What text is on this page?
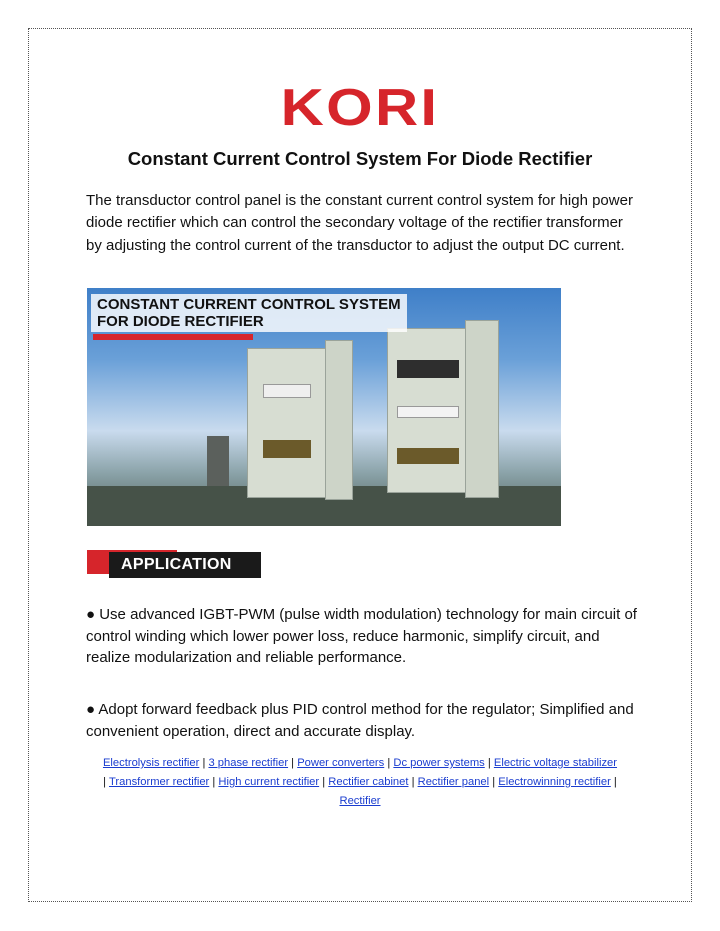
KORI
Constant Current Control System For Diode Rectifier

The transductor control panel is the constant current control system for high power diode rectifier which can control the secondary voltage of the rectifier transformer by adjusting the control current of the transductor to adjust the output DC current.

CONSTANT CURRENT CONTROL SYSTEM
FOR DIODE RECTIFIER
APPLICATION

● Use advanced IGBT-PWM (pulse width modulation) technology for main circuit of control winding which lower power loss, reduce harmonic, simplify circuit, and realize modularization and reliable performance.

● Adopt forward feedback plus PID control method for the regulator; Simplified and convenient operation, direct and accurate display.

Electrolysis rectifier | 3 phase rectifier | Power converters | Dc power systems | Electric voltage stabilizer | Transformer rectifier | High current rectifier | Rectifier cabinet | Rectifier panel | Electrowinning rectifier | Rectifier
